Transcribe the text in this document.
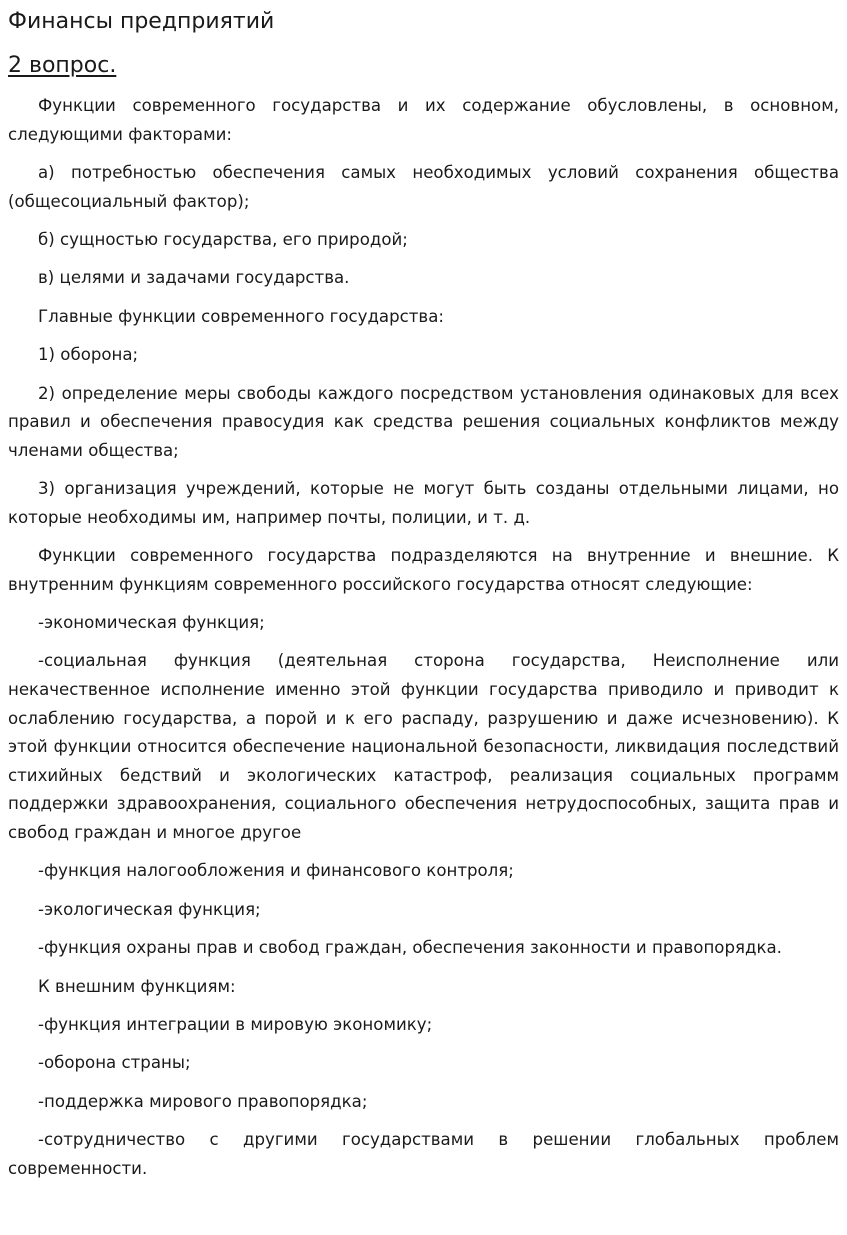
Финансы предприятий
2 вопрос.

Функции современного государства и их содержание обусловлены, в основном, следующими факторами:

а) потребностью обеспечения самых необходимых условий сохранения общества (общесоциальный фактор);

б) сущностью государства, его природой;

в) целями и задачами государства.

Главные функции современного государства:

1) оборона;

2) определение меры свободы каждого посредством установления одинаковых для всех правил и обеспечения правосудия как средства решения социальных конфликтов между членами общества;

3) организация учреждений, которые не могут быть созданы отдельными лицами, но которые необходимы им, например почты, полиции, и т. д.

Функции современного государства подразделяются на внутренние и внешние. К внутренним функциям современного российского государства относят следующие:

-экономическая функция;

-социальная функция (деятельная сторона государства, Неисполнение или некачественное исполнение именно этой функции государства приводило и приводит к ослаблению государства, а порой и к его распаду, разрушению и даже исчезновению). К этой функции относится обеспечение национальной безопасности, ликвидация последствий стихийных бедствий и экологических катастроф, реализация социальных программ поддержки здравоохранения, социального обеспечения нетрудоспособных, защита прав и свобод граждан и многое другое

-функция налогообложения и финансового контроля;

-экологическая функция;

-функция охраны прав и свобод граждан, обеспечения законности и правопорядка.

К внешним функциям:

-функция интеграции в мировую экономику;

-оборона страны;

-поддержка мирового правопорядка;

-сотрудничество с другими государствами в решении глобальных проблем современности.
